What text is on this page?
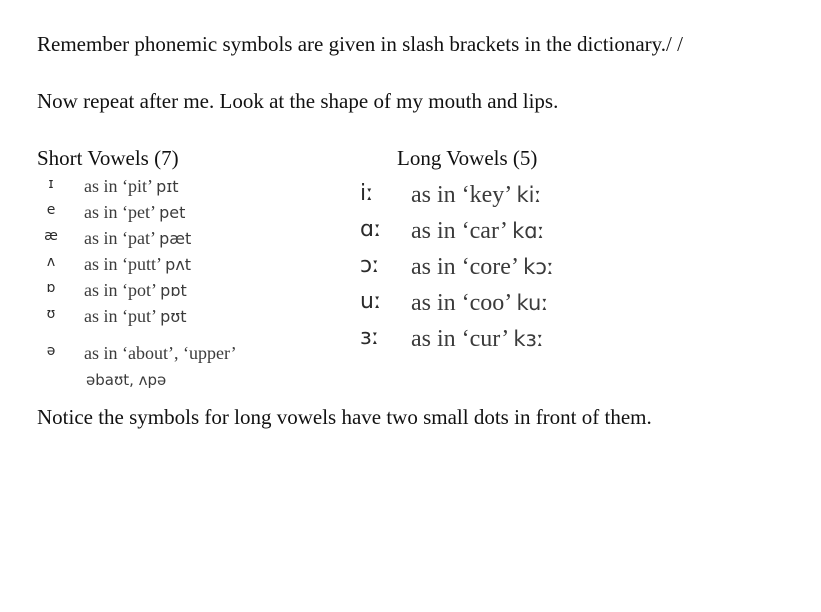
Remember phonemic symbols are given in slash brackets in the dictionary./ /

Now repeat after me. Look at the shape of my mouth and lips.

Short Vowels (7)	Long Vowels (5)

ɪ	as in ‘pit’ pɪt
e	as in ‘pet’ pet
æ as in ‘pat’ pæt
ʌ	as in ‘putt’ pʌt
ɒ	as in ‘pot’ pɒt
ʊ	as in ‘put’ pʊt
ə	as in ‘about’, ‘upper’
əbaʊt, ʌpə
iː	as in ‘key’ kiː
ɑː	as in ‘car’ kɑː
ɔː	as in ‘core’ kɔː
uː	as in ‘coo’ kuː
ɜː	as in ‘cur’ kɜː

Notice the symbols for long vowels have two small dots in front of them.
